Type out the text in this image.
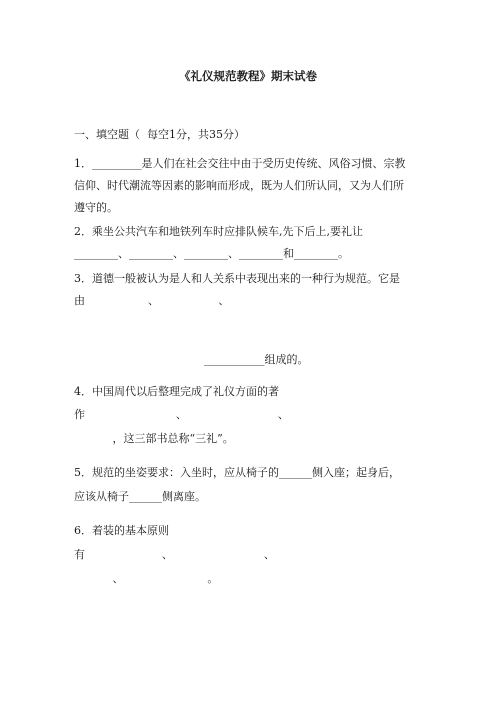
《礼仪规范教程》期末试卷
一、填空题（  每空1分，共35分）
1．_________是人们在社会交往中由于受历史传统、风俗习惯、宗教
信仰、时代潮流等因素的影响而形成，既为人们所认同，又为人们所
遵守的。
2．乘坐公共汽车和地铁列车时应排队候车,先下后上,要礼让
________、________、________、________和________。
3．道德一般被认为是人和人关系中表现出来的一种行为规范。它是
由                  、                 、
___________组成的。
4．中国周代以后整理完成了礼仪方面的著
作                          、                          、
，这三部书总称“三礼”。
5．规范的坐姿要求：入坐时，应从椅子的______侧入座；起身后，
应该从椅子______侧离座。
6．着装的基本原则
有                      、                          、
、                        。
